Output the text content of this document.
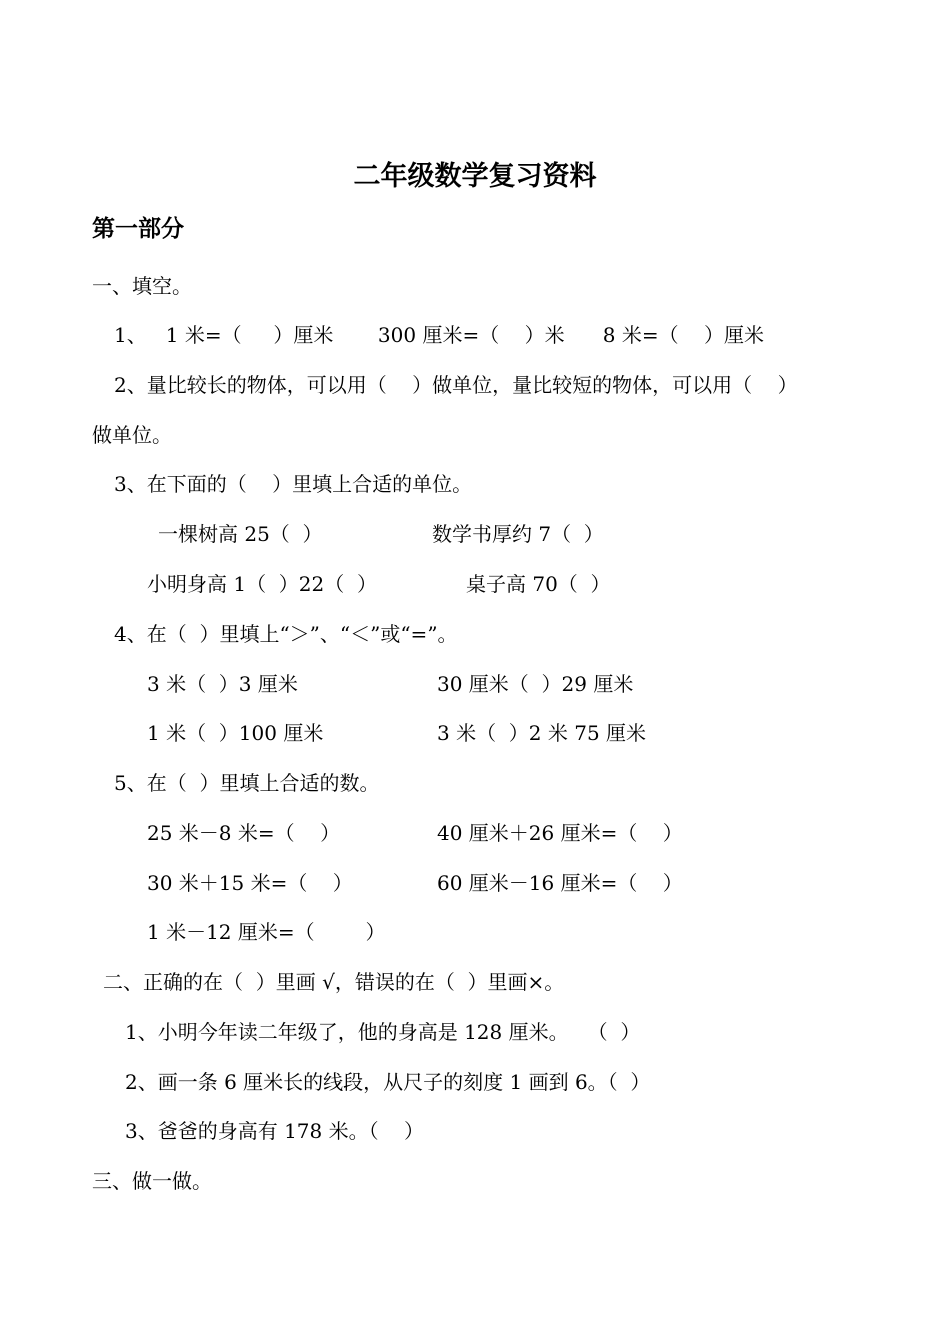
二年级数学复习资料
第一部分
一、填空。
1、   1 米=（     ）厘米       300 厘米=（    ）米      8 米=（    ）厘米
2、量比较长的物体，可以用（    ）做单位，量比较短的物体，可以用（    ）
做单位。
3、在下面的（    ）里填上合适的单位。
一棵树高 25（  ）	数学书厚约 7（  ）
小明身高 1（  ）22（  ）	桌子高 70（  ）
4、在（  ）里填上“＞”、“＜”或“=”。
3 米（  ）3 厘米	30 厘米（  ）29 厘米
1 米（  ）100 厘米	3 米（  ）2 米 75 厘米
5、在（  ）里填上合适的数。
25 米－8 米=（    ）	40 厘米＋26 厘米=（    ）
30 米＋15 米=（    ）	60 厘米－16 厘米=（    ）
1 米－12 厘米=（        ）
二、正确的在（  ）里画 √，错误的在（  ）里画×。
1、小明今年读二年级了，他的身高是 128 厘米。   （  ）
2、画一条 6 厘米长的线段，从尺子的刻度 1 画到 6。（  ）
3、爸爸的身高有 178 米。（    ）
三、做一做。
